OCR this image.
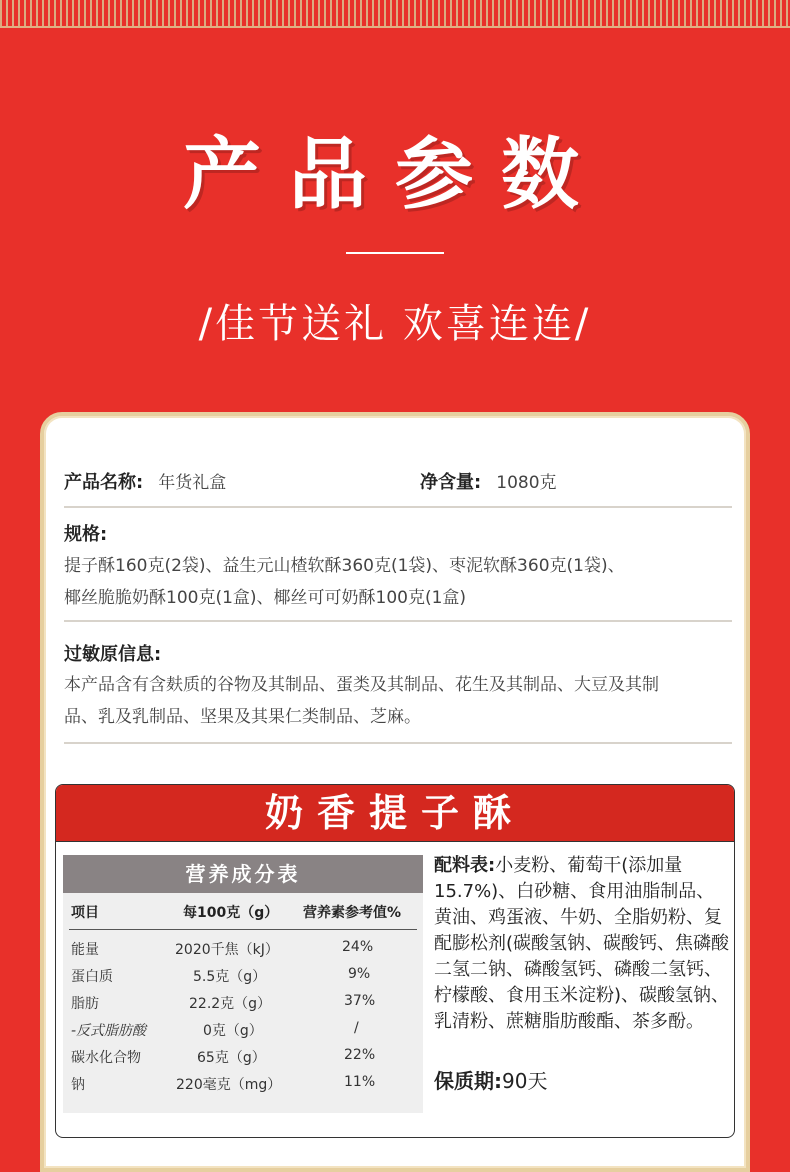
产品参数
/佳节送礼 欢喜连连/
产品名称: 年货礼盒	净含量: 1080克
规格:
提子酥160克(2袋)、益生元山楂软酥360克(1袋)、枣泥软酥360克(1袋)、
椰丝脆脆奶酥100克(1盒)、椰丝可可奶酥100克(1盒)
过敏原信息:
本产品含有含麸质的谷物及其制品、蛋类及其制品、花生及其制品、大豆及其制
品、乳及乳制品、坚果及其果仁类制品、芝麻。
奶香提子酥
营养成分表
项目	每100克（g） 营养素参考值%
能量	2020千焦（kJ）	24%
蛋白质	5.5克（g）	9%
脂肪	22.2克（g）	37%
-反式脂肪酸	0克（g）	/
碳水化合物	65克（g）	22%
钠	220毫克（mg）	11%
配料表:小麦粉、葡萄干(添加量15.7%)、白砂糖、食用油脂制品、黄油、鸡蛋液、牛奶、全脂奶粉、复配膨松剂(碳酸氢钠、碳酸钙、焦磷酸二氢二钠、磷酸氢钙、磷酸二氢钙、柠檬酸、食用玉米淀粉)、碳酸氢钠、乳清粉、蔗糖脂肪酸酯、茶多酚。
保质期:90天
